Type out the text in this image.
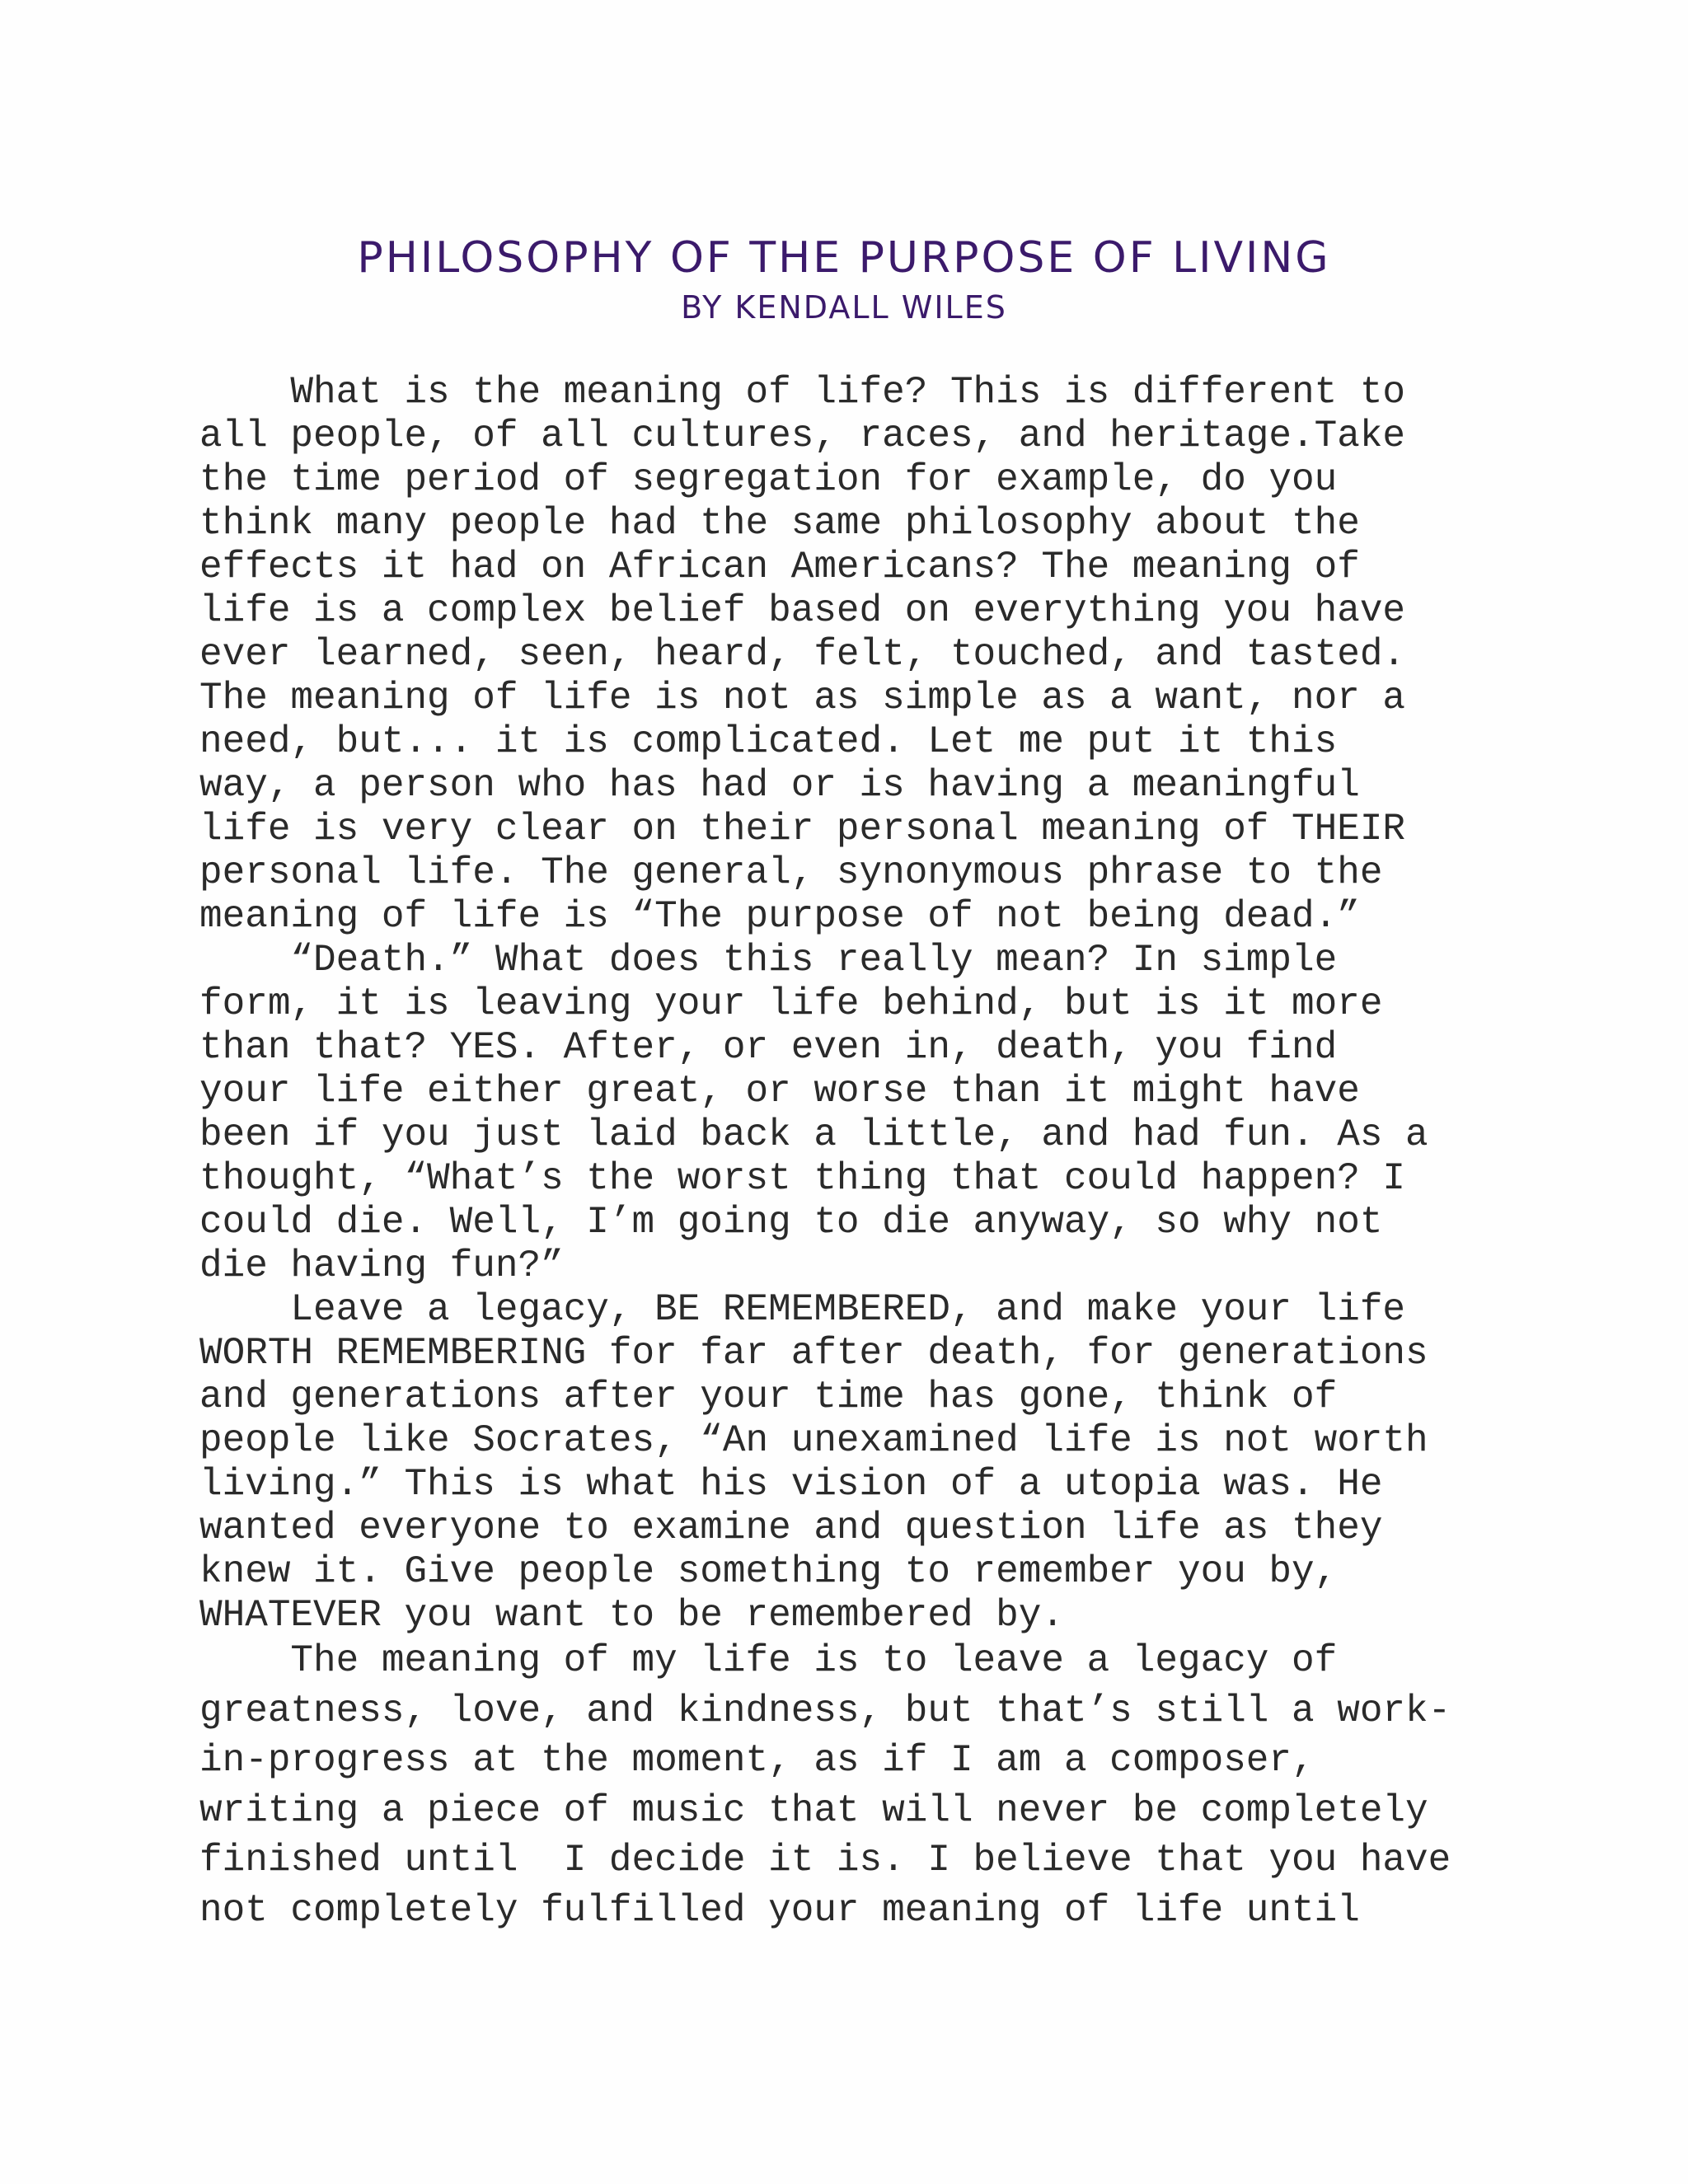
PHILOSOPHY OF THE PURPOSE OF LIVING
BY KENDALL WILES
What is the meaning of life? This is different to
all people, of all cultures, races, and heritage.Take
the time period of segregation for example, do you
think many people had the same philosophy about the
effects it had on African Americans? The meaning of
life is a complex belief based on everything you have
ever learned, seen, heard, felt, touched, and tasted.
The meaning of life is not as simple as a want, nor a
need, but... it is complicated. Let me put it this
way, a person who has had or is having a meaningful
life is very clear on their personal meaning of THEIR
personal life. The general, synonymous phrase to the
meaning of life is “The purpose of not being dead.”
“Death.” What does this really mean? In simple
form, it is leaving your life behind, but is it more
than that? YES. After, or even in, death, you find
your life either great, or worse than it might have
been if you just laid back a little, and had fun. As a
thought, “What’s the worst thing that could happen? I
could die. Well, I’m going to die anyway, so why not
die having fun?”
Leave a legacy, BE REMEMBERED, and make your life
WORTH REMEMBERING for far after death, for generations
and generations after your time has gone, think of
people like Socrates, “An unexamined life is not worth
living.” This is what his vision of a utopia was. He
wanted everyone to examine and question life as they
knew it. Give people something to remember you by,
WHATEVER you want to be remembered by.
The meaning of my life is to leave a legacy of
greatness, love, and kindness, but that’s still a work-
in-progress at the moment, as if I am a composer,
writing a piece of music that will never be completely
finished until  I decide it is. I believe that you have
not completely fulfilled your meaning of life until
